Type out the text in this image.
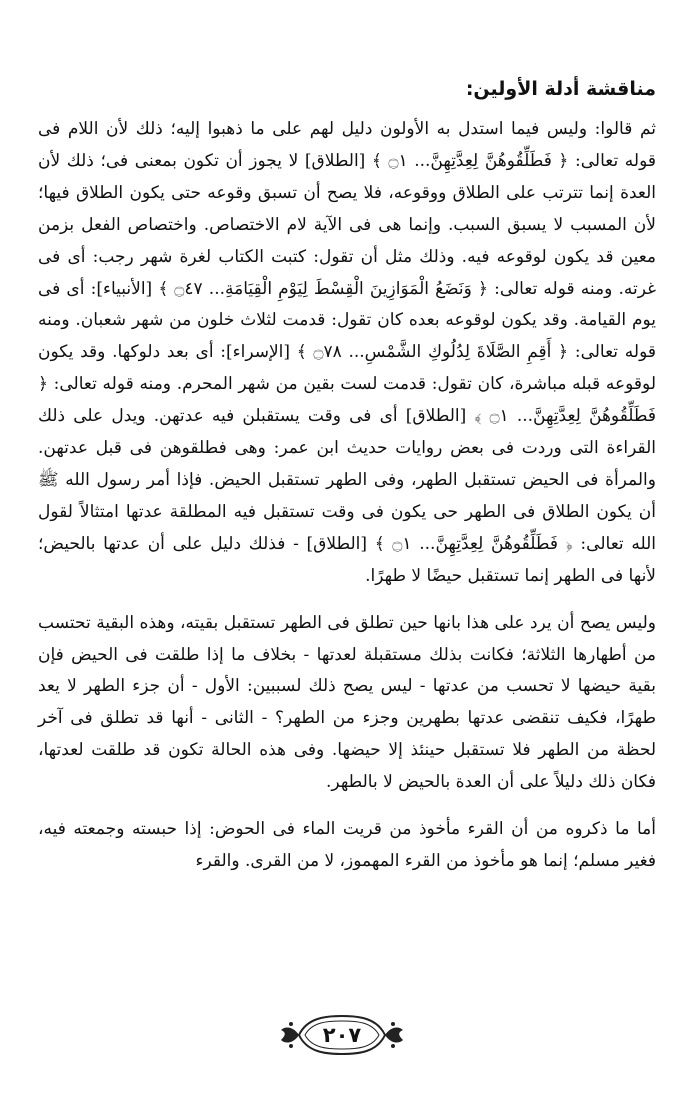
مناقشة أدلة الأولين:

ثم قالوا: وليس فيما استدل به الأولون دليل لهم على ما ذهبوا إليه؛ ذلك لأن اللام فى قوله تعالى: ﴿ فَطَلِّقُوهُنَّ لِعِدَّتِهِنَّ... ۝١ ﴾ [الطلاق] لا يجوز أن تكون بمعنى فى؛ ذلك لأن العدة إنما تترتب على الطلاق ووقوعه، فلا يصح أن تسبق وقوعه حتى يكون الطلاق فيها؛ لأن المسبب لا يسبق السبب. وإنما هى فى الآية لام الاختصاص. واختصاص الفعل بزمن معين قد يكون لوقوعه فيه. وذلك مثل أن تقول: كتبت الكتاب لغرة شهر رجب: أى فى غرته. ومنه قوله تعالى: ﴿ وَنَضَعُ الْمَوَازِينَ الْقِسْطَ لِيَوْمِ الْقِيَامَةِ... ۝٤٧ ﴾ [الأنبياء]: أى فى يوم القيامة. وقد يكون لوقوعه بعده كان تقول: قدمت لثلاث خلون من شهر شعبان. ومنه قوله تعالى: ﴿ أَقِمِ الصَّلَاةَ لِدُلُوكِ الشَّمْسِ... ۝٧٨ ﴾ [الإسراء]: أى بعد دلوكها. وقد يكون لوقوعه قبله مباشرة، كان تقول: قدمت لست بقين من شهر المحرم. ومنه قوله تعالى: ﴿ فَطَلِّقُوهُنَّ لِعِدَّتِهِنَّ... ۝١ ﴾ [الطلاق] أى فى وقت يستقبلن فيه عدتهن. ويدل على ذلك القراءة التى وردت فى بعض روايات حديث ابن عمر: وهى فطلقوهن فى قبل عدتهن. والمرأة فى الحيض تستقبل الطهر، وفى الطهر تستقبل الحيض. فإذا أمر رسول الله ﷺ أن يكون الطلاق فى الطهر حى يكون فى وقت تستقبل فيه المطلقة عدتها امتثالاً لقول الله تعالى: ﴿ فَطَلِّقُوهُنَّ لِعِدَّتِهِنَّ... ۝١ ﴾ [الطلاق] - فذلك دليل على أن عدتها بالحيض؛ لأنها فى الطهر إنما تستقبل حيضًا لا طهرًا.

وليس يصح أن يرد على هذا بانها حين تطلق فى الطهر تستقبل بقيته، وهذه البقية تحتسب من أطهارها الثلاثة؛ فكانت بذلك مستقبلة لعدتها - بخلاف ما إذا طلقت فى الحيض فإن بقية حيضها لا تحسب من عدتها - ليس يصح ذلك لسببين: الأول - أن جزء الطهر لا يعد طهرًا، فكيف تنقضى عدتها بطهرين وجزء من الطهر؟ - الثانى - أنها قد تطلق فى آخر لحظة من الطهر فلا تستقبل حينئذ إلا حيضها. وفى هذه الحالة تكون قد طلقت لعدتها، فكان ذلك دليلاً على أن العدة بالحيض لا بالطهر.

أما ما ذكروه من أن القرء مأخوذ من قريت الماء فى الحوض: إذا حبسته وجمعته فيه، فغير مسلم؛ إنما هو مأخوذ من القرء المهموز، لا من القرى. والقرء

٢٠٧
